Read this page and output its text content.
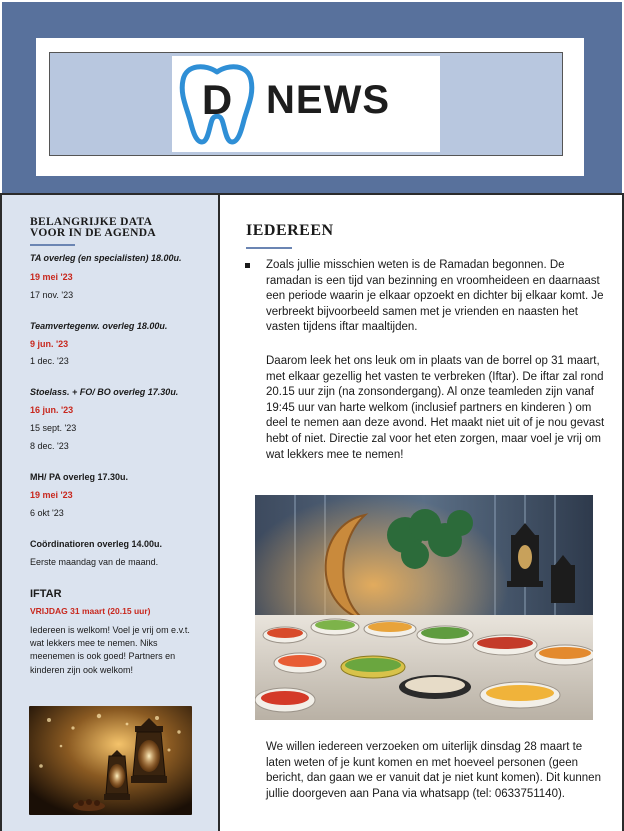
D NEWS
BELANGRIJKE DATA
VOOR IN DE AGENDA
TA overleg (en specialisten) 18.00u.
19 mei '23
17 nov. '23
Teamvertegenw. overleg 18.00u.
9 jun. '23
1 dec. '23
Stoelass. + FO/ BO overleg 17.30u.
16 jun. '23
15 sept. '23
8 dec. '23
MH/ PA overleg 17.30u.
19 mei '23
6 okt '23
Coördinatioren overleg 14.00u.
Eerste maandag van de maand.
IFTAR
VRIJDAG 31 maart (20.15 uur)
Iedereen is welkom! Voel je vrij om e.v.t. wat lekkers mee te nemen. Niks meenemen is ook goed! Partners en kinderen zijn ook welkom!
IEDEREEN
Zoals jullie misschien weten is de Ramadan begonnen. De ramadan is een tijd van bezinning en vroomheideen en daarnaast een periode waarin je elkaar opzoekt en dichter bij elkaar komt. Je verbreekt bijvoorbeeld samen met je vrienden en naasten het vasten tijdens iftar maaltijden.
Daarom leek het ons leuk om in plaats van de borrel op 31 maart, met elkaar gezellig het vasten te verbreken (Iftar). De iftar zal rond 20.15 uur zijn (na zonsondergang). Al onze teamleden zijn vanaf 19:45 uur van harte welkom (inclusief partners en kinderen ) om deel te nemen aan deze avond. Het maakt niet uit of je nou gevast hebt of niet. Directie zal voor het eten zorgen, maar voel je vrij om wat lekkers mee te nemen!
We willen iedereen verzoeken om uiterlijk dinsdag 28 maart te laten weten of je kunt komen en met hoeveel personen (geen bericht, dan gaan we er vanuit dat je niet kunt komen). Dit kunnen jullie doorgeven aan Pana via whatsapp (tel: 0633751140).
